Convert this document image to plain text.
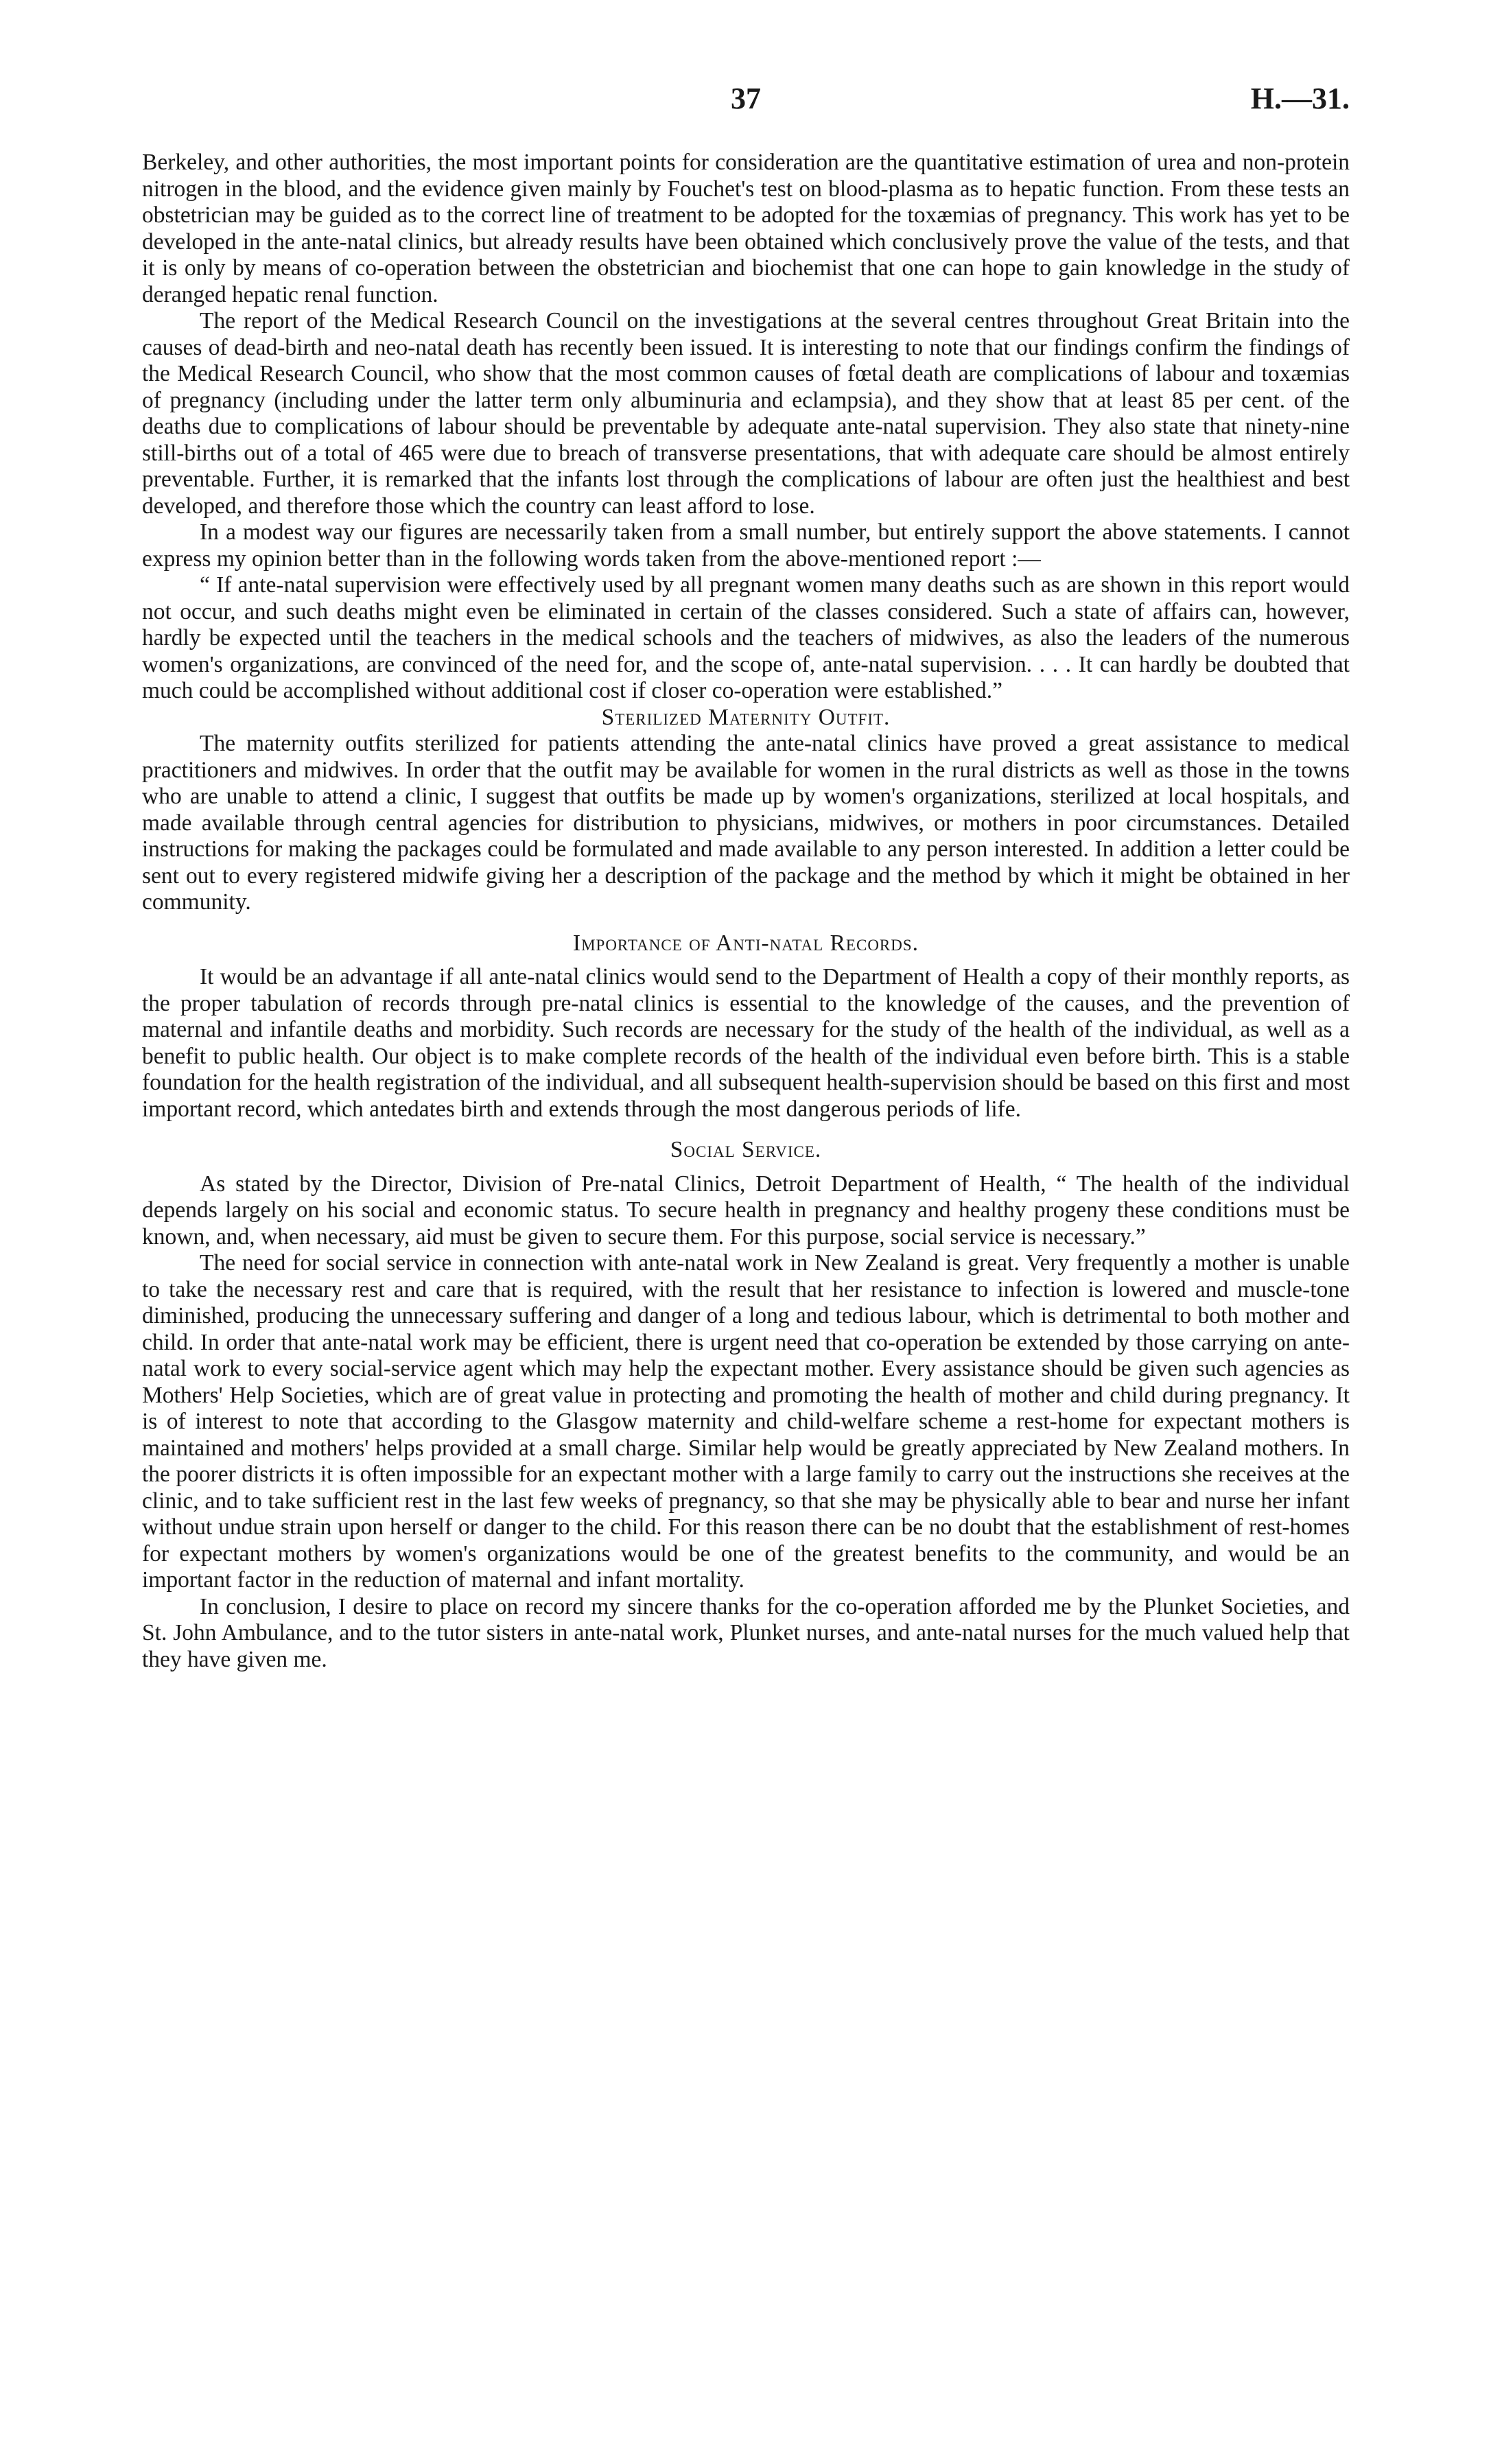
37	H.—31.

Berkeley, and other authorities, the most important points for consideration are the quantitative estimation of urea and non-protein nitrogen in the blood, and the evidence given mainly by Fouchet's test on blood-plasma as to hepatic function. From these tests an obstetrician may be guided as to the correct line of treatment to be adopted for the toxæmias of pregnancy. This work has yet to be developed in the ante-natal clinics, but already results have been obtained which conclusively prove the value of the tests, and that it is only by means of co-operation between the obstetrician and biochemist that one can hope to gain knowledge in the study of deranged hepatic renal function.

The report of the Medical Research Council on the investigations at the several centres throughout Great Britain into the causes of dead-birth and neo-natal death has recently been issued. It is interesting to note that our findings confirm the findings of the Medical Research Council, who show that the most common causes of fœtal death are complications of labour and toxæmias of pregnancy (including under the latter term only albuminuria and eclampsia), and they show that at least 85 per cent. of the deaths due to complications of labour should be preventable by adequate ante-natal supervision. They also state that ninety-nine still-births out of a total of 465 were due to breach of transverse presentations, that with adequate care should be almost entirely preventable. Further, it is remarked that the infants lost through the complications of labour are often just the healthiest and best developed, and therefore those which the country can least afford to lose.

In a modest way our figures are necessarily taken from a small number, but entirely support the above statements. I cannot express my opinion better than in the following words taken from the above-mentioned report :—

“ If ante-natal supervision were effectively used by all pregnant women many deaths such as are shown in this report would not occur, and such deaths might even be eliminated in certain of the classes considered. Such a state of affairs can, however, hardly be expected until the teachers in the medical schools and the teachers of midwives, as also the leaders of the numerous women's organizations, are convinced of the need for, and the scope of, ante-natal supervision. . . . It can hardly be doubted that much could be accomplished without additional cost if closer co-operation were established.”

Sterilized Maternity Outfit.

The maternity outfits sterilized for patients attending the ante-natal clinics have proved a great assistance to medical practitioners and midwives. In order that the outfit may be available for women in the rural districts as well as those in the towns who are unable to attend a clinic, I suggest that outfits be made up by women's organizations, sterilized at local hospitals, and made available through central agencies for distribution to physicians, midwives, or mothers in poor circumstances. Detailed instructions for making the packages could be formulated and made available to any person interested. In addition a letter could be sent out to every registered midwife giving her a description of the package and the method by which it might be obtained in her community.

Importance of Anti-natal Records.

It would be an advantage if all ante-natal clinics would send to the Department of Health a copy of their monthly reports, as the proper tabulation of records through pre-natal clinics is essential to the knowledge of the causes, and the prevention of maternal and infantile deaths and morbidity. Such records are necessary for the study of the health of the individual, as well as a benefit to public health. Our object is to make complete records of the health of the individual even before birth. This is a stable foundation for the health registration of the individual, and all subsequent health-supervision should be based on this first and most important record, which antedates birth and extends through the most dangerous periods of life.

Social Service.

As stated by the Director, Division of Pre-natal Clinics, Detroit Department of Health, “ The health of the individual depends largely on his social and economic status. To secure health in pregnancy and healthy progeny these conditions must be known, and, when necessary, aid must be given to secure them. For this purpose, social service is necessary.”

The need for social service in connection with ante-natal work in New Zealand is great. Very frequently a mother is unable to take the necessary rest and care that is required, with the result that her resistance to infection is lowered and muscle-tone diminished, producing the unnecessary suffering and danger of a long and tedious labour, which is detrimental to both mother and child. In order that ante-natal work may be efficient, there is urgent need that co-operation be extended by those carrying on ante-natal work to every social-service agent which may help the expectant mother. Every assistance should be given such agencies as Mothers' Help Societies, which are of great value in protecting and promoting the health of mother and child during pregnancy. It is of interest to note that according to the Glasgow maternity and child-welfare scheme a rest-home for expectant mothers is maintained and mothers' helps provided at a small charge. Similar help would be greatly appreciated by New Zealand mothers. In the poorer districts it is often impossible for an expectant mother with a large family to carry out the instructions she receives at the clinic, and to take sufficient rest in the last few weeks of pregnancy, so that she may be physically able to bear and nurse her infant without undue strain upon herself or danger to the child. For this reason there can be no doubt that the establishment of rest-homes for expectant mothers by women's organizations would be one of the greatest benefits to the community, and would be an important factor in the reduction of maternal and infant mortality.

In conclusion, I desire to place on record my sincere thanks for the co-operation afforded me by the Plunket Societies, and St. John Ambulance, and to the tutor sisters in ante-natal work, Plunket nurses, and ante-natal nurses for the much valued help that they have given me.
